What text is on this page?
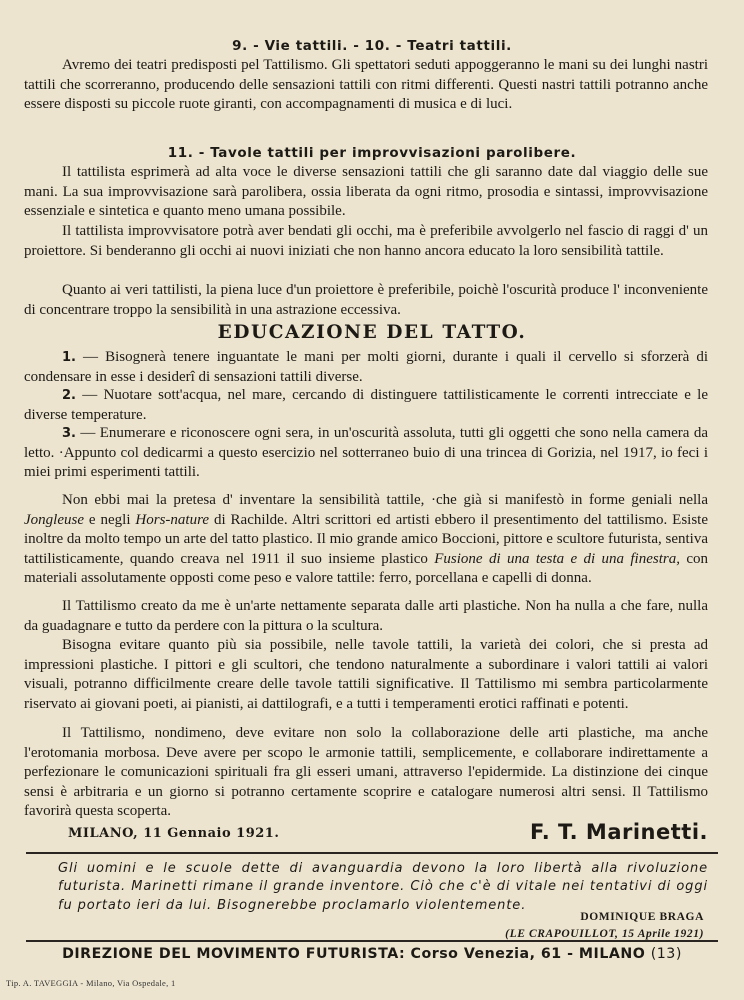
9. - Vie tattili. - 10. - Teatri tattili.

Avremo dei teatri predisposti pel Tattilismo. Gli spettatori seduti appoggeranno le mani su dei lunghi nastri tattili che scorreranno, producendo delle sensazioni tattili con ritmi differenti. Questi nastri tattili potranno anche essere disposti su piccole ruote giranti, con accompagnamenti di musica e di luci.

11. - Tavole tattili per improvvisazioni parolibere.

Il tattilista esprimerà ad alta voce le diverse sensazioni tattili che gli saranno date dal viaggio delle sue mani. La sua improvvisazione sarà parolibera, ossia liberata da ogni ritmo, prosodia e sintassi, improvvisazione essenziale e sintetica e quanto meno umana possibile.

Il tattilista improvvisatore potrà aver bendati gli occhi, ma è preferibile avvolgerlo nel fascio di raggi d' un proiettore. Si benderanno gli occhi ai nuovi iniziati che non hanno ancora educato la loro sensibilità tattile.

Quanto ai veri tattilisti, la piena luce d'un proiettore è preferibile, poichè l'oscurità produce l' inconveniente di concentrare troppo la sensibilità in una astrazione eccessiva.

EDUCAZIONE DEL TATTO.

1. — Bisognerà tenere inguantate le mani per molti giorni, durante i quali il cervello si sforzerà di condensare in esse i desiderî di sensazioni tattili diverse.

2. — Nuotare sott'acqua, nel mare, cercando di distinguere tattilisticamente le correnti intrecciate e le diverse temperature.

3. — Enumerare e riconoscere ogni sera, in un'oscurità assoluta, tutti gli oggetti che sono nella camera da letto. ·Appunto col dedicarmi a questo esercizio nel sotterraneo buio di una trincea di Gorizia, nel 1917, io feci i miei primi esperimenti tattili.

Non ebbi mai la pretesa d' inventare la sensibilità tattile, ·che già si manifestò in forme geniali nella Jongleuse e negli Hors-nature di Rachilde. Altri scrittori ed artisti ebbero il presentimento del tattilismo. Esiste inoltre da molto tempo un arte del tatto plastico. Il mio grande amico Boccioni, pittore e scultore futurista, sentiva tattilisticamente, quando creava nel 1911 il suo insieme plastico Fusione di una testa e di una finestra, con materiali assolutamente opposti come peso e valore tattile: ferro, porcellana e capelli di donna.

Il Tattilismo creato da me è un'arte nettamente separata dalle arti plastiche. Non ha nulla a che fare, nulla da guadagnare e tutto da perdere con la pittura o la scultura.

Bisogna evitare quanto più sia possibile, nelle tavole tattili, la varietà dei colori, che si presta ad impressioni plastiche. I pittori e gli scultori, che tendono naturalmente a subordinare i valori tattili ai valori visuali, potranno difficilmente creare delle tavole tattili significative. Il Tattilismo mi sembra particolarmente riservato ai giovani poeti, ai pianisti, ai dattilografi, e a tutti i temperamenti erotici raffinati e potenti.

Il Tattilismo, nondimeno, deve evitare non solo la collaborazione delle arti plastiche, ma anche l'erotomania morbosa. Deve avere per scopo le armonie tattili, semplicemente, e collaborare indirettamente a perfezionare le comunicazioni spirituali fra gli esseri umani, attraverso l'epidermide. La distinzione dei cinque sensi è arbitraria e un giorno si potranno certamente scoprire e catalogare numerosi altri sensi. Il Tattilismo favorirà questa scoperta.

MILANO, 11 Gennaio 1921.	F. T. Marinetti.

Gli uomini e le scuole dette di avanguardia devono la loro libertà alla rivoluzione futurista. Marinetti rimane il grande inventore. Ciò che c'è di vitale nei tentativi di oggi fu portato ieri da lui. Bisognerebbe proclamarlo violentemente.

DOMINIQUE BRAGA
(LE CRAPOUILLOT, 15 Aprile 1921)
DIREZIONE DEL MOVIMENTO FUTURISTA: Corso Venezia, 61 - MILANO (13)
Tip. A. TAVEGGIA - Milano, Via Ospedale, 1
